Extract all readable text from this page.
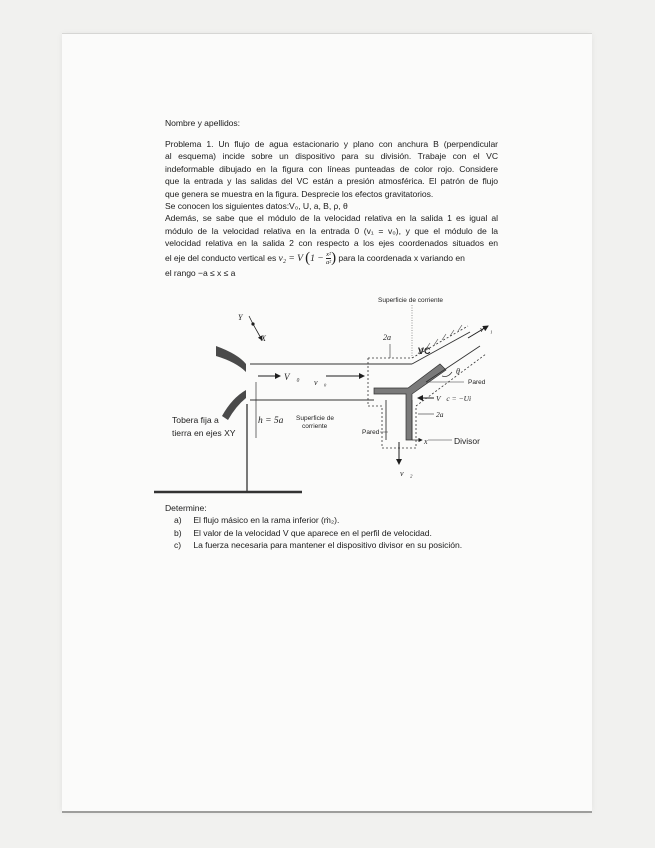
Nombre y apellidos:
Problema 1. Un flujo de agua estacionario y plano con anchura B (perpendicular
al esquema) incide sobre un dispositivo para su división. Trabaje con el VC
indeformable dibujado en la figura con líneas punteadas de color rojo. Considere
que la entrada y las salidas del VC están a presión atmosférica. El patrón de flujo
que genera se muestra en la figura. Desprecie los efectos gravitatorios.
Se conocen los siguientes datos:V₀, U, a, B, ρ, θ
Además, se sabe que el módulo de la velocidad relativa en la salida 1 es igual al
módulo de la velocidad relativa en la entrada 0 (v₁ = v₀), y que el módulo de la
velocidad relativa en la salida 2 con respecto a los ejes coordenados situados en
el eje del conducto vertical es v₂ = V ($1 - \frac{\text{x²}}{\text{a²}}$ ) para la coordenada x variando en
el rango −a ≤ x ≤ a
h = 5a
V⃗₀
v⃗₀
Y
X	2a
Superficie de corriente
VC
v⃗₁
θ
Pared
V⃗c = −Ui⃗
2a
x	Divisor
Pared
v⃗₂
Superficie de
corriente
Tobera fija a
tierra en ejes XY
Determine:
a) El flujo másico en la rama inferior (ṁ₂).
b) El valor de la velocidad V que aparece en el perfil de velocidad.
c) La fuerza necesaria para mantener el dispositivo divisor en su posición.
